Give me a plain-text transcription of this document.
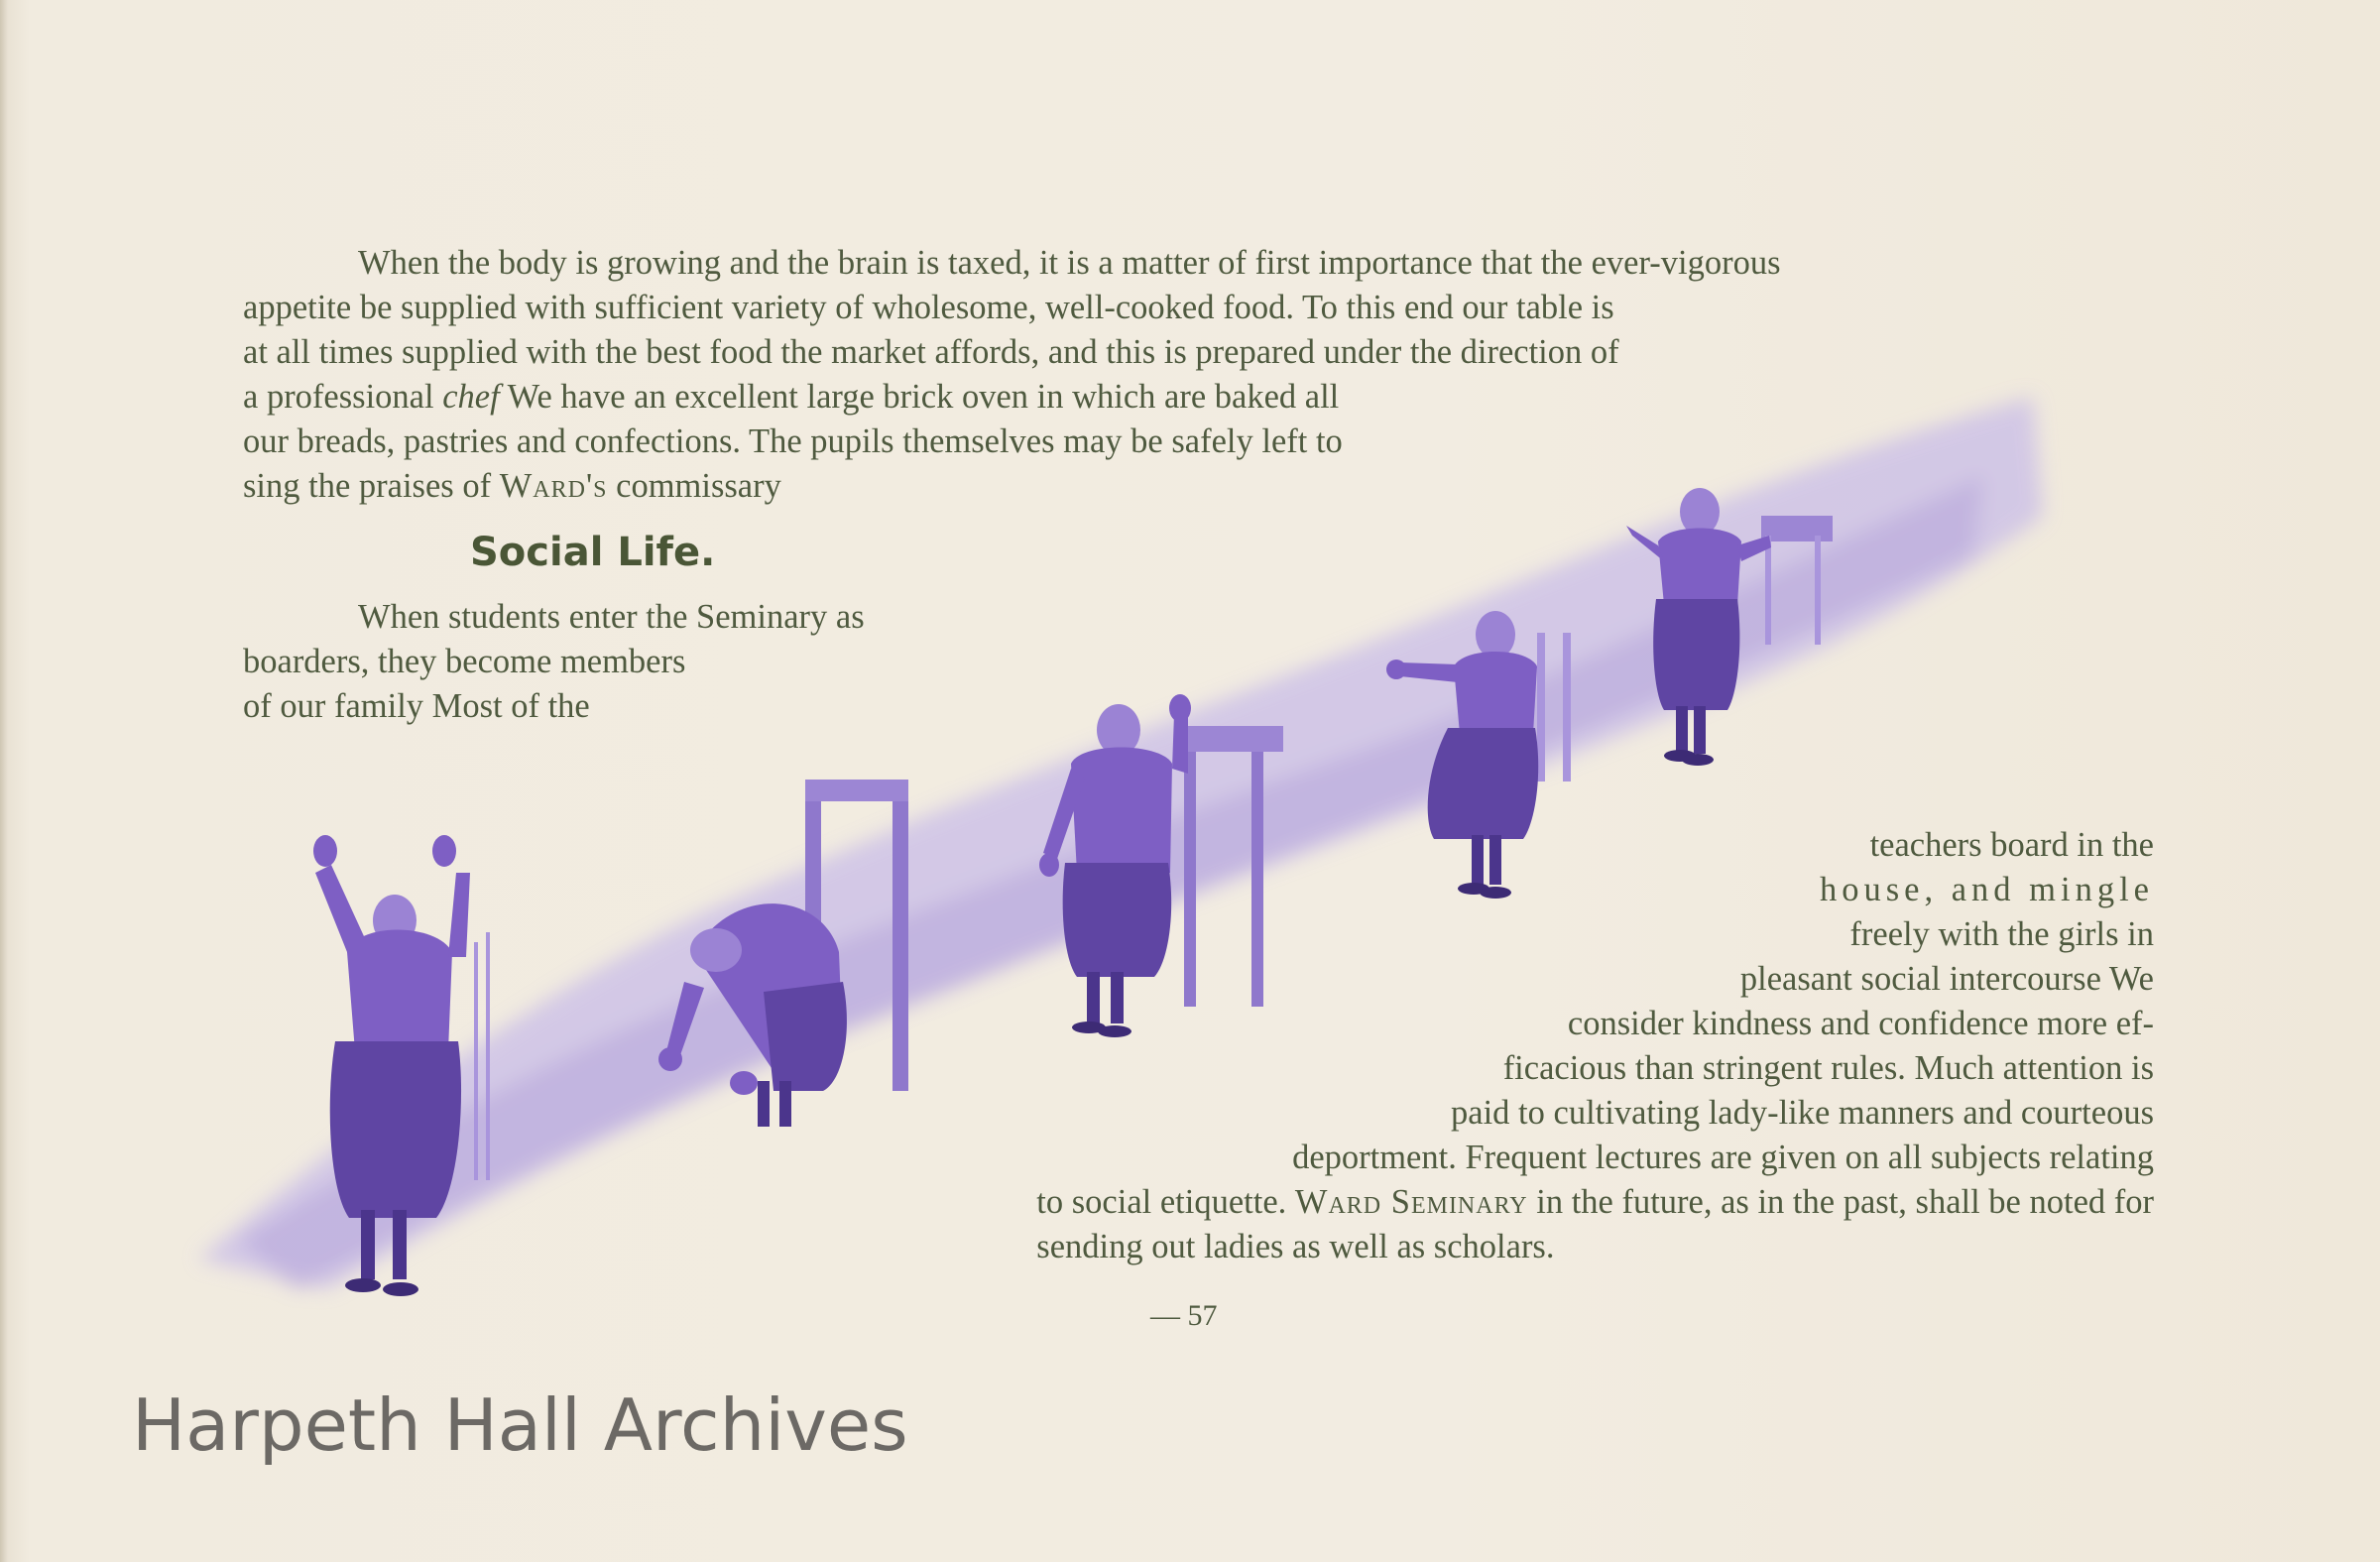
When the body is growing and the brain is taxed, it is a matter of first importance that the ever-vigorous
appetite be supplied with sufficient variety of wholesome, well-cooked food. To this end our table is
at all times supplied with the best food the market affords, and this is prepared under the direction of
a professional chef We have an excellent large brick oven in which are baked all
our breads, pastries and confections. The pupils themselves may be safely left to
sing the praises of Ward's commissary
Social Life.
When students enter the Seminary as
boarders, they become members
of our family Most of the
teachers board in the
house, and mingle
freely with the girls in
pleasant social intercourse We
consider kindness and confidence more ef-
ficacious than stringent rules. Much attention is
paid to cultivating lady-like manners and courteous
deportment. Frequent lectures are given on all subjects relating
to social etiquette. Ward Seminary in the future, as in the past, shall be noted for
sending out ladies as well as scholars.
— 57
Harpeth Hall Archives
